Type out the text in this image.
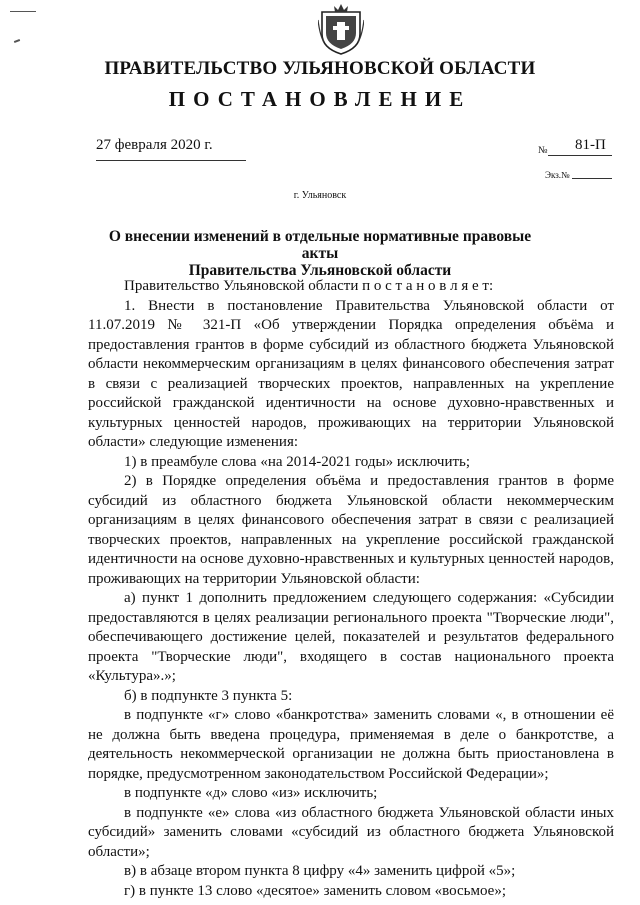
ПРАВИТЕЛЬСТВО УЛЬЯНОВСКОЙ ОБЛАСТИ
ПОСТАНОВЛЕНИЕ
27 февраля 2020 г.	№ 81-П
Экз.№
г. Ульяновск
О внесении изменений в отдельные нормативные правовые акты
Правительства Ульяновской области

Правительство Ульяновской области п о с т а н о в л я е т:

1. Внести в постановление Правительства Ульяновской области от 11.07.2019 № 321-П «Об утверждении Порядка определения объёма и предоставления грантов в форме субсидий из областного бюджета Ульяновской области некоммерческим организациям в целях финансового обеспечения затрат в связи с реализацией творческих проектов, направленных на укрепление российской гражданской идентичности на основе духовно-нравственных и культурных ценностей народов, проживающих на территории Ульяновской области» следующие изменения:

1) в преамбуле слова «на 2014-2021 годы» исключить;

2) в Порядке определения объёма и предоставления грантов в форме субсидий из областного бюджета Ульяновской области некоммерческим организациям в целях финансового обеспечения затрат в связи с реализацией творческих проектов, направленных на укрепление российской гражданской идентичности на основе духовно-нравственных и культурных ценностей народов, проживающих на территории Ульяновской области:

а) пункт 1 дополнить предложением следующего содержания: «Субсидии предоставляются в целях реализации регионального проекта "Творческие люди", обеспечивающего достижение целей, показателей и результатов федерального проекта "Творческие люди", входящего в состав национального проекта «Культура».»;

б) в подпункте 3 пункта 5:

в подпункте «г» слово «банкротства» заменить словами «, в отношении её не должна быть введена процедура, применяемая в деле о банкротстве, а деятельность некоммерческой организации не должна быть приостановлена в порядке, предусмотренном законодательством Российской Федерации»;

в подпункте «д» слово «из» исключить;

в подпункте «е» слова «из областного бюджета Ульяновской области иных субсидий» заменить словами «субсидий из областного бюджета Ульяновской области»;

в) в абзаце втором пункта 8 цифру «4» заменить цифрой «5»;

г) в пункте 13 слово «десятое» заменить словом «восьмое»;
